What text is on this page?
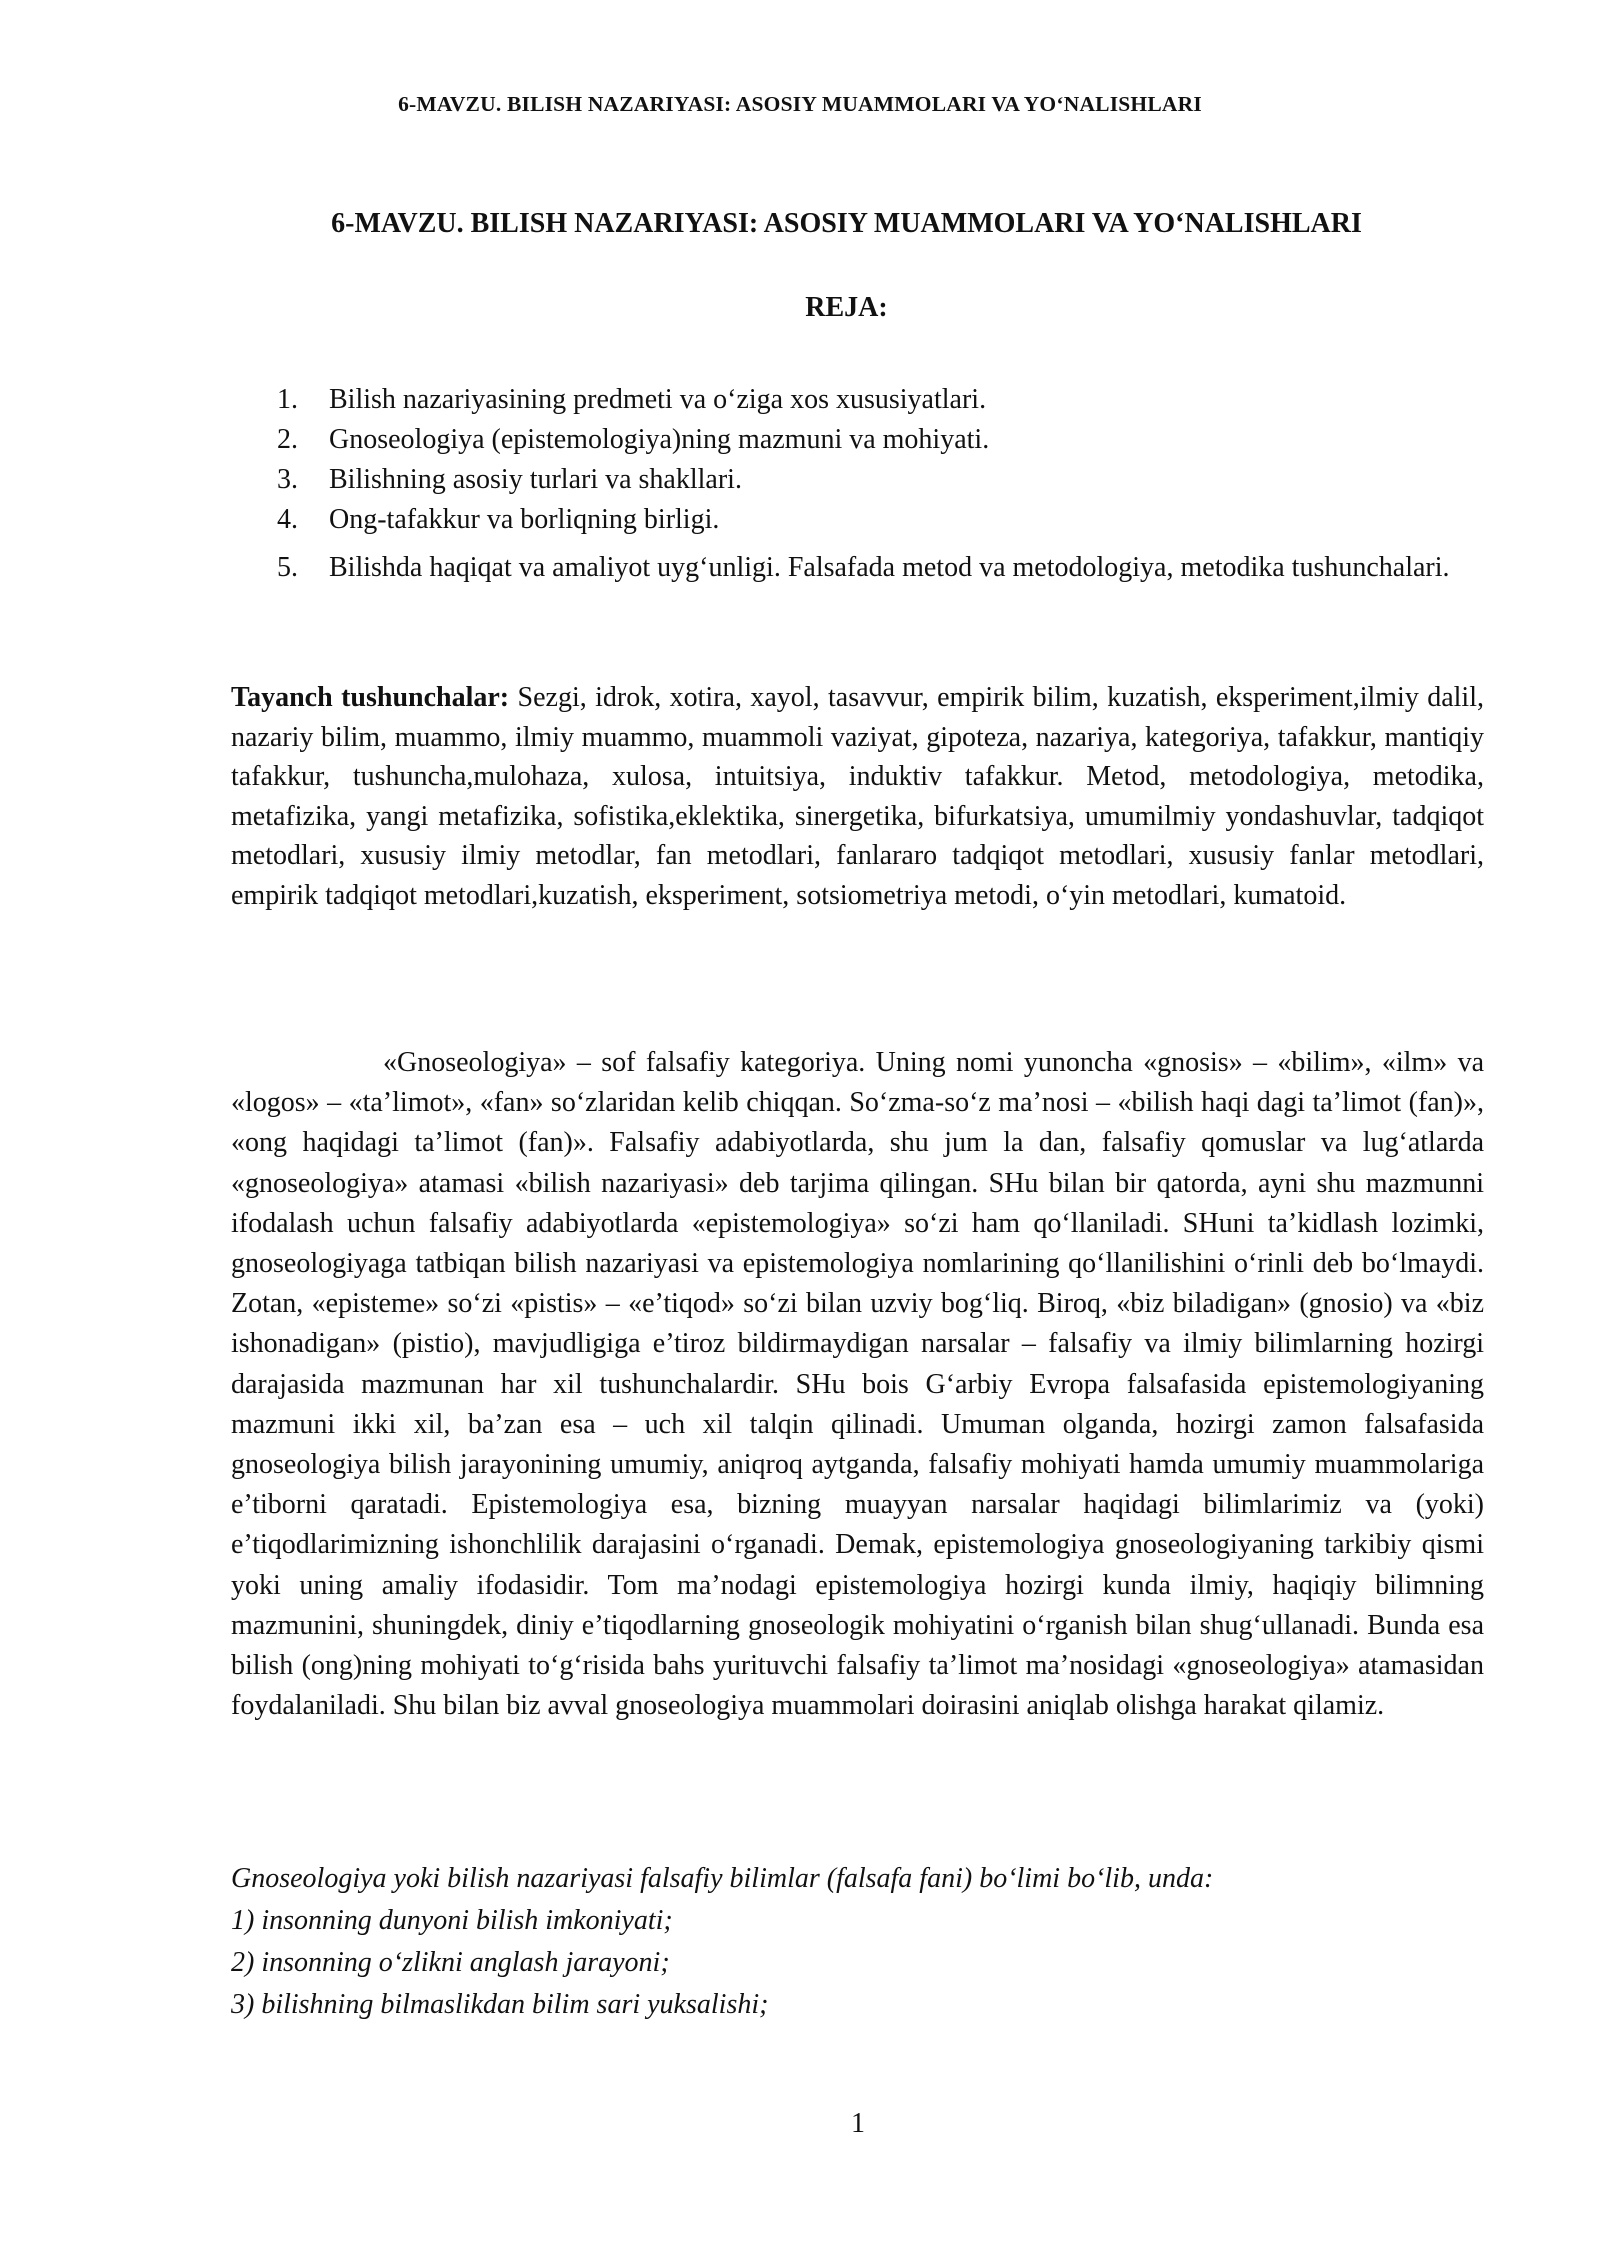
6-MAVZU. BILISH NAZARIYASI: ASOSIY MUAMMOLARI VA YO‘NALISHLARI
6-MAVZU. BILISH NAZARIYASI: ASOSIY MUAMMOLARI VA YO‘NALISHLARI
REJA:
1. Bilish nazariyasining predmeti va o‘ziga xos xususiyatlari.
2. Gnoseologiya (epistemologiya)ning mazmuni va mohiyati.
3. Bilishning asosiy turlari va shakllari.
4. Ong-tafakkur va borliqning birligi.
5. Bilishda haqiqat va amaliyot uyg‘unligi. Falsafada metod va metodologiya, metodika tushunchalari.

Tayanch tushunchalar: Sezgi, idrok, xotira, xayol, tasavvur, empirik bilim, kuzatish, eksperiment,ilmiy dalil, nazariy bilim, muammo, ilmiy muammo, muammoli vaziyat, gipoteza, nazariya, kategoriya, tafakkur, mantiqiy tafakkur, tushuncha,mulohaza, xulosa, intuitsiya, induktiv tafakkur. Metod, metodologiya, metodika, metafizika, yangi metafizika, sofistika,eklektika, sinergetika, bifurkatsiya, umumilmiy yondashuvlar, tadqiqot metodlari, xususiy ilmiy metodlar, fan metodlari, fanlararo tadqiqot metodlari, xususiy fanlar metodlari, empirik tadqiqot metodlari,kuzatish, eksperiment, sotsiometriya metodi, o‘yin metodlari, kumatoid.

«Gnoseologiya» – sof falsafiy kategoriya. Uning nomi yunoncha «gnosis» – «bilim», «ilm» va «logos» – «ta’limot», «fan» so‘zlaridan kelib chiqqan. So‘zma-so‘z ma’nosi – «bilish haqi dagi ta’limot (fan)», «ong haqidagi ta’limot (fan)». Falsafiy adabiyotlarda, shu jum la dan, falsafiy qomuslar va lug‘atlarda «gnoseologiya» atamasi «bilish nazariyasi» deb tarjima qilingan. SHu bilan bir qatorda, ayni shu mazmunni ifodalash uchun falsafiy adabiyotlarda «epistemologiya» so‘zi ham qo‘llaniladi. SHuni ta’kidlash lozimki, gnoseologiyaga tatbiqan bilish nazariyasi va epistemologiya nomlarining qo‘llanilishini o‘rinli deb bo‘lmaydi. Zotan, «episteme» so‘zi «pistis» – «e’tiqod» so‘zi bilan uzviy bog‘liq. Biroq, «biz biladigan» (gnosio) va «biz ishonadigan» (pistio), mavjudligiga e’tiroz bildirmaydigan narsalar – falsafiy va ilmiy bilimlarning hozirgi darajasida mazmunan har xil tushunchalardir. SHu bois G‘arbiy Evropa falsafasida epistemologiyaning mazmuni ikki xil, ba’zan esa – uch xil talqin qilinadi. Umuman olganda, hozirgi zamon falsafasida gnoseologiya bilish jarayonining umumiy, aniqroq aytganda, falsafiy mohiyati hamda umumiy muammolariga e’tiborni qaratadi. Epistemologiya esa, bizning muayyan narsalar haqidagi bilimlarimiz va (yoki) e’tiqodlarimizning ishonchlilik darajasini o‘rganadi. Demak, epistemologiya gnoseologiyaning tarkibiy qismi yoki uning amaliy ifodasidir. Tom ma’nodagi epistemologiya hozirgi kunda ilmiy, haqiqiy bilimning mazmunini, shuningdek, diniy e’tiqodlarning gnoseologik mohiyatini o‘rganish bilan shug‘ullanadi. Bunda esa bilish (ong)ning mohiyati to‘g‘risida bahs yurituvchi falsafiy ta’limot ma’nosidagi «gnoseologiya» atamasidan foydalaniladi. Shu bilan biz avval gnoseologiya muammolari doirasini aniqlab olishga harakat qilamiz.

Gnoseologiya yoki bilish nazariyasi falsafiy bilimlar (falsafa fani) bo‘limi bo‘lib, unda:

1) insonning dunyoni bilish imkoniyati;

2) insonning o‘zlikni anglash jarayoni;

3) bilishning bilmaslikdan bilim sari yuksalishi;

1
